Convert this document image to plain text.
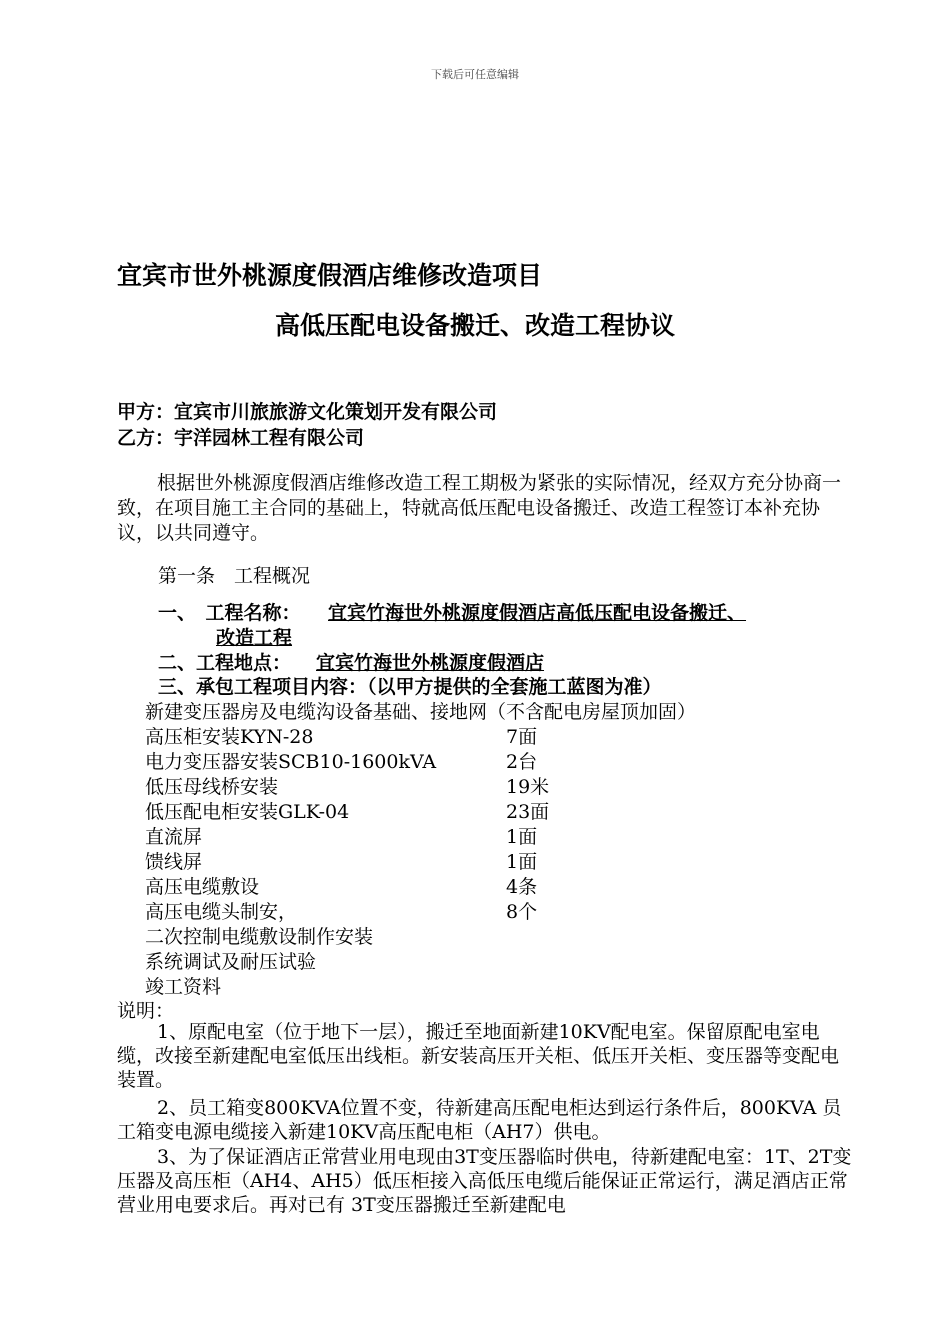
下载后可任意编辑
宜宾市世外桃源度假酒店维修改造项目
高低压配电设备搬迁、改造工程协议
甲方：宜宾市川旅旅游文化策划开发有限公司
乙方：宇洋园林工程有限公司
根据世外桃源度假酒店维修改造工程工期极为紧张的实际情况，经双方充分协商一致，在项目施工主合同的基础上，特就高低压配电设备搬迁、改造工程签订本补充协议，以共同遵守。
第一条　工程概况
一、　工程名称： 宜宾竹海世外桃源度假酒店高低压配电设备搬迁、
改造工程
二、工程地点： 宜宾竹海世外桃源度假酒店
三、承包工程项目内容：（以甲方提供的全套施工蓝图为准）
新建变压器房及电缆沟设备基础、接地网（不含配电房屋顶加固）
高压柜安装KYN-28	7面
电力变压器安装SCB10-1600kVA	2台
低压母线桥安装	19米
低压配电柜安装GLK-04	23面
直流屏	1面
馈线屏	1面
高压电缆敷设	4条
高压电缆头制安，	8个
二次控制电缆敷设制作安装
系统调试及耐压试验
竣工资料
说明：
1、原配电室（位于地下一层），搬迁至地面新建10KV配电室。保留原配电室电缆，改接至新建配电室低压出线柜。新安装高压开关柜、低压开关柜、变压器等变配电装置。
2、员工箱变800KVA位置不变，待新建高压配电柜达到运行条件后，800KVA 员工箱变电源电缆接入新建10KV高压配电柜（AH7）供电。
3、为了保证酒店正常营业用电现由3T变压器临时供电，待新建配电室：1T、2T变压器及高压柜（AH4、AH5）低压柜接入高低压电缆后能保证正常运行，满足酒店正常营业用电要求后。再对已有 3T变压器搬迁至新建配电
